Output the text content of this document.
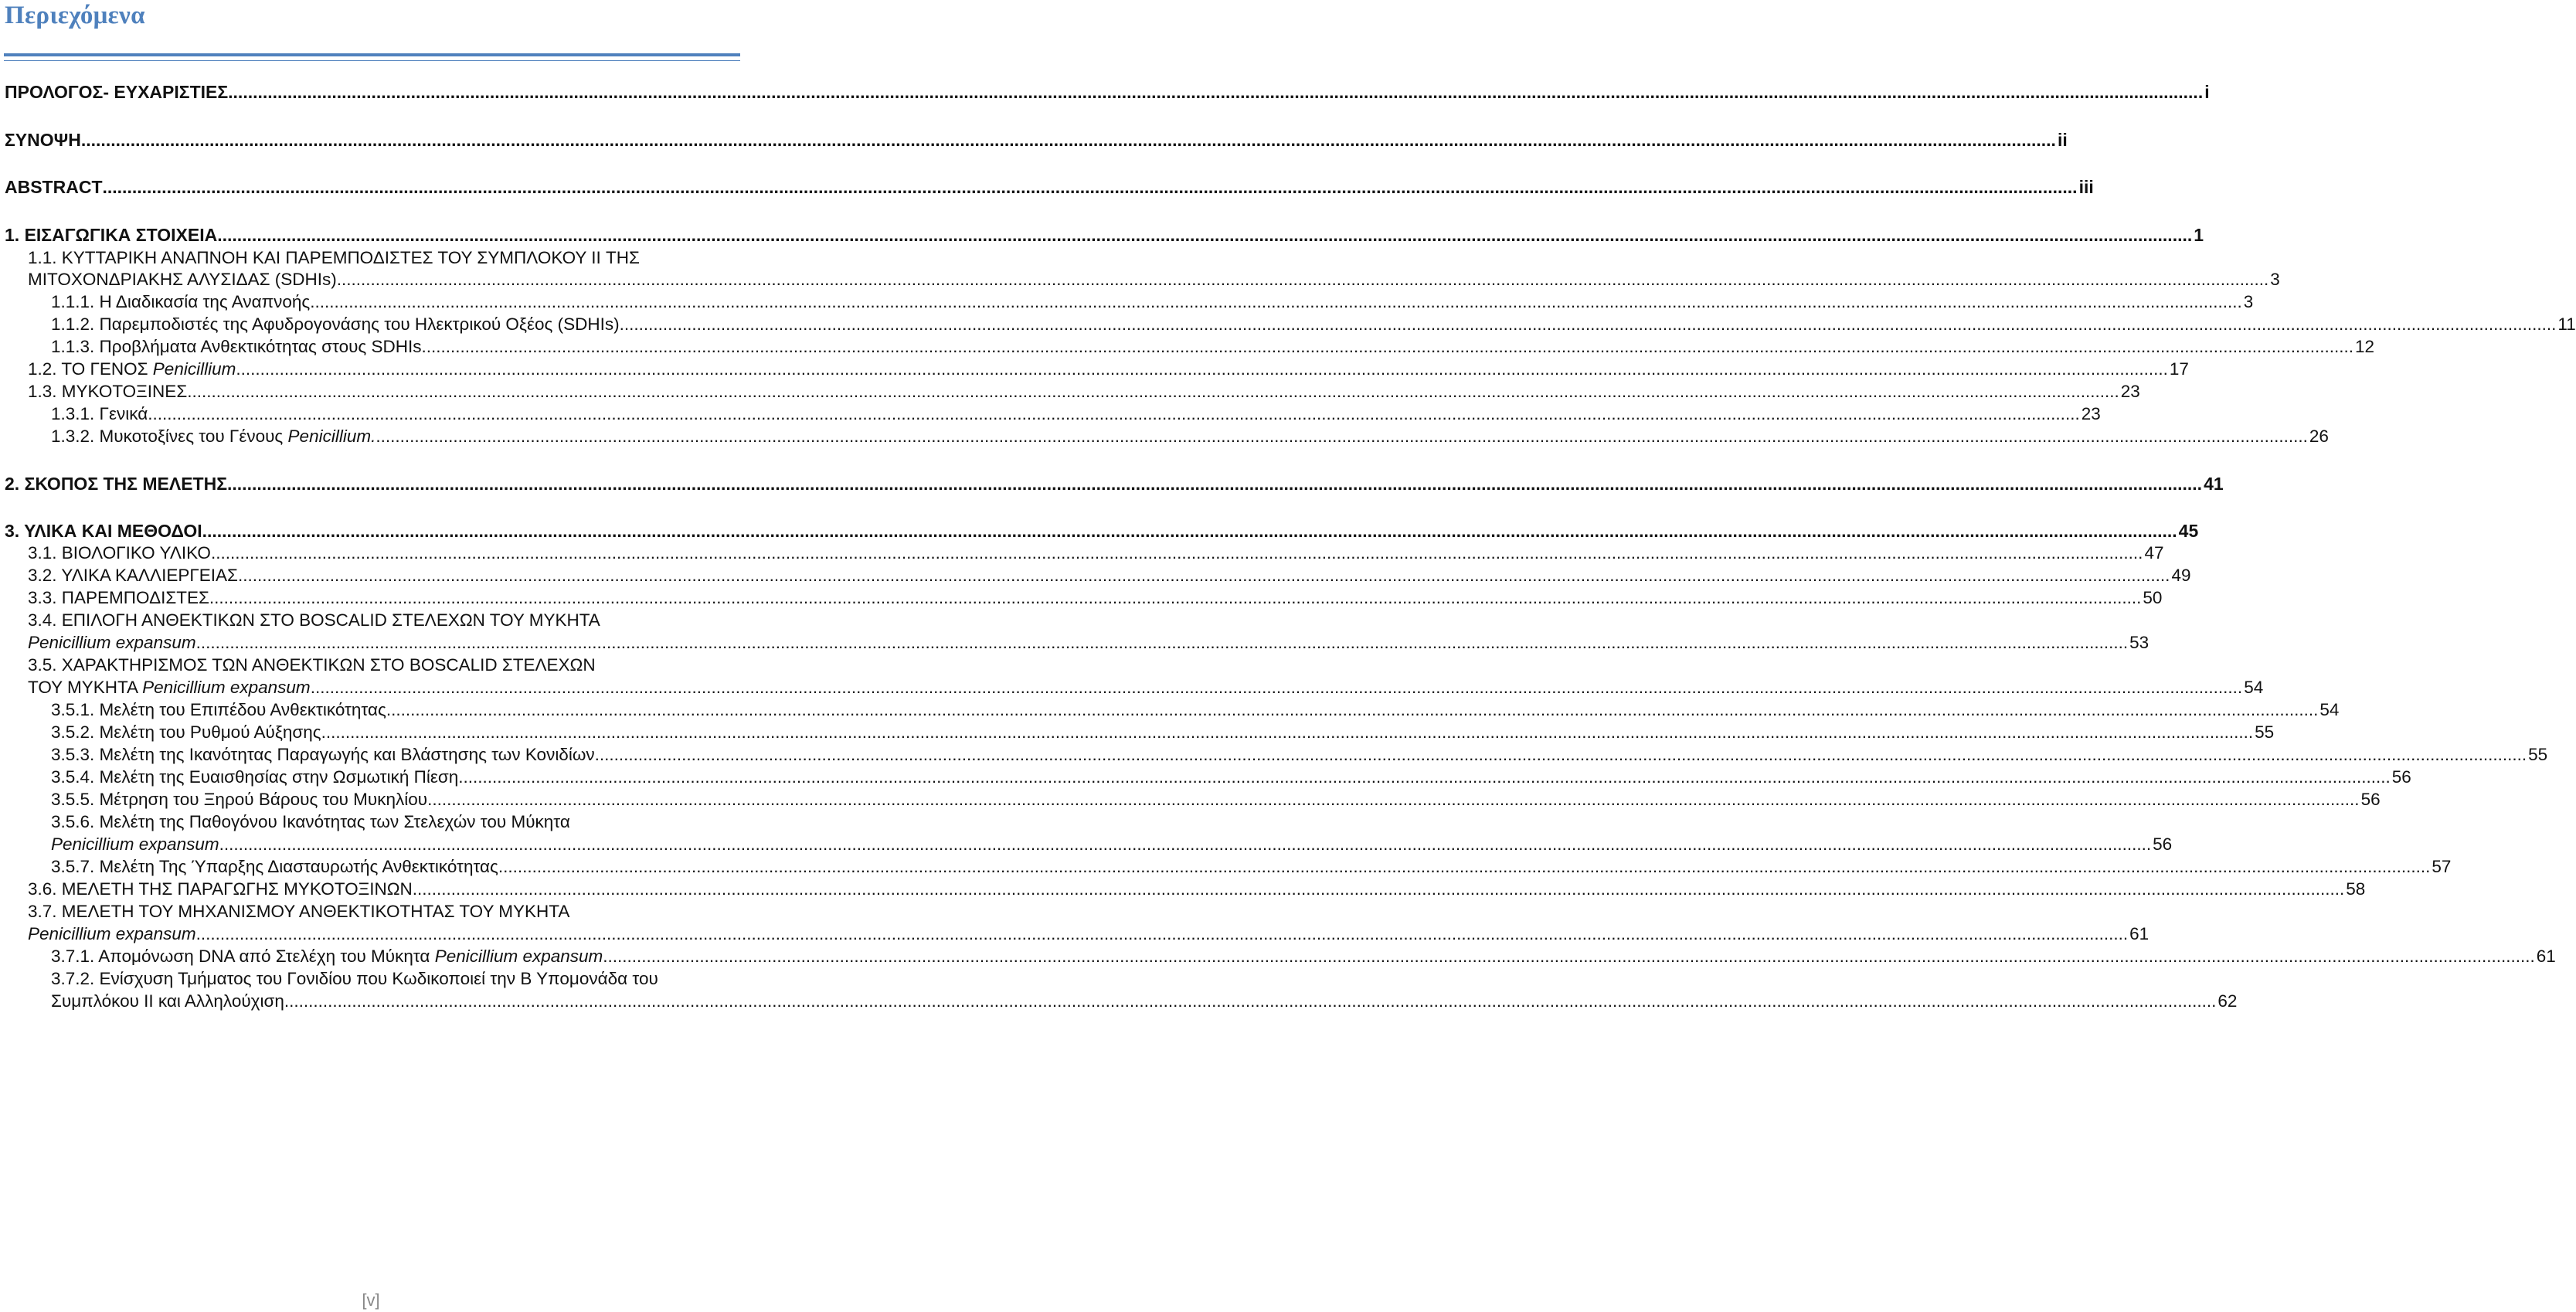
Περιεχόμενα
ΠΡΟΛΟΓΟΣ- ΕΥΧΑΡΙΣΤΙΕΣ ................................................................................................................................................................................................................................................................................................................................................................................................................ i
ΣΥΝΟΨΗ ................................................................................................................................................................................................................................................................................................................................................................................................................ ii
ABSTRACT ................................................................................................................................................................................................................................................................................................................................................................................................................ iii
1. ΕΙΣΑΓΩΓΙΚΑ ΣΤΟΙΧΕΙΑ ................................................................................................................................................................................................................................................................................................................................................................................................................ 1
1.1. ΚΥΤΤΑΡΙΚΗ ΑΝΑΠΝΟΗ ΚΑΙ ΠΑΡΕΜΠΟΔΙΣΤΕΣ ΤΟΥ ΣΥΜΠΛΟΚΟΥ II ΤΗΣ
ΜΙΤΟΧΟΝΔΡΙΑΚΗΣ ΑΛΥΣΙΔΑΣ (SDHIs) ................................................................................................................................................................................................................................................................................................................................................................................................................ 3
1.1.1. Η Διαδικασία της Αναπνοής ................................................................................................................................................................................................................................................................................................................................................................................................................ 3
1.1.2. Παρεμποδιστές της Αφυδρογονάσης του Ηλεκτρικού Οξέος (SDHIs). ................................................................................................................................................................................................................................................................................................................................................................................................................ 11
1.1.3. Προβλήματα Ανθεκτικότητας στους SDHIs ................................................................................................................................................................................................................................................................................................................................................................................................................ 12
1.2. ΤΟ ΓΕΝΟΣ Penicillium ................................................................................................................................................................................................................................................................................................................................................................................................................ 17
1.3. ΜΥΚΟΤΟΞΙΝΕΣ ................................................................................................................................................................................................................................................................................................................................................................................................................ 23
1.3.1. Γενικά ................................................................................................................................................................................................................................................................................................................................................................................................................ 23
1.3.2. Μυκοτοξίνες του Γένους Penicillium. ................................................................................................................................................................................................................................................................................................................................................................................................................ 26
2. ΣΚΟΠΟΣ ΤΗΣ ΜΕΛΕΤΗΣ ................................................................................................................................................................................................................................................................................................................................................................................................................ 41
3. ΥΛΙΚΑ ΚΑΙ ΜΕΘΟΔΟΙ ................................................................................................................................................................................................................................................................................................................................................................................................................ 45
3.1. ΒΙΟΛΟΓΙΚΟ ΥΛΙΚΟ ................................................................................................................................................................................................................................................................................................................................................................................................................ 47
3.2. ΥΛΙΚΑ ΚΑΛΛΙΕΡΓΕΙΑΣ ................................................................................................................................................................................................................................................................................................................................................................................................................ 49
3.3. ΠΑΡΕΜΠΟΔΙΣΤΕΣ ................................................................................................................................................................................................................................................................................................................................................................................................................ 50
3.4. ΕΠΙΛΟΓΗ ΑΝΘΕΚΤΙΚΩΝ ΣΤΟ BOSCALID ΣΤΕΛΕΧΩΝ ΤΟΥ ΜΥΚΗΤΑ
Penicillium expansum ................................................................................................................................................................................................................................................................................................................................................................................................................ 53
3.5. ΧΑΡΑΚΤΗΡΙΣΜΟΣ ΤΩΝ ΑΝΘΕΚΤΙΚΩΝ ΣΤΟ BOSCALID ΣΤΕΛΕΧΩΝ
ΤΟΥ ΜΥΚΗΤΑ Penicillium expansum ................................................................................................................................................................................................................................................................................................................................................................................................................ 54
3.5.1. Μελέτη του Επιπέδου Ανθεκτικότητας ................................................................................................................................................................................................................................................................................................................................................................................................................ 54
3.5.2. Μελέτη του Ρυθμού Αύξησης ................................................................................................................................................................................................................................................................................................................................................................................................................ 55
3.5.3. Μελέτη της Ικανότητας Παραγωγής και Βλάστησης των Κονιδίων ................................................................................................................................................................................................................................................................................................................................................................................................................ 55
3.5.4. Μελέτη της Ευαισθησίας στην Ωσμωτική Πίεση ................................................................................................................................................................................................................................................................................................................................................................................................................ 56
3.5.5. Μέτρηση του Ξηρού Βάρους του Μυκηλίου ................................................................................................................................................................................................................................................................................................................................................................................................................ 56
3.5.6. Μελέτη της Παθογόνου Ικανότητας των Στελεχών του Μύκητα
Penicillium expansum ................................................................................................................................................................................................................................................................................................................................................................................................................ 56
3.5.7. Μελέτη Της Ύπαρξης Διασταυρωτής Ανθεκτικότητας ................................................................................................................................................................................................................................................................................................................................................................................................................ 57
3.6. ΜΕΛΕΤΗ ΤΗΣ ΠΑΡΑΓΩΓΗΣ ΜΥΚΟΤΟΞΙΝΩΝ ................................................................................................................................................................................................................................................................................................................................................................................................................ 58
3.7. ΜΕΛΕΤΗ ΤΟΥ ΜΗΧΑΝΙΣΜΟΥ ΑΝΘΕΚΤΙΚΟΤΗΤΑΣ ΤΟΥ ΜΥΚΗΤΑ
Penicillium expansum ................................................................................................................................................................................................................................................................................................................................................................................................................ 61
3.7.1. Απομόνωση DNA από Στελέχη του Μύκητα Penicillium expansum ................................................................................................................................................................................................................................................................................................................................................................................................................ 61
3.7.2. Ενίσχυση Τμήματος του Γονιδίου που Κωδικοποιεί την Β Υπομονάδα του
Συμπλόκου II και Αλληλούχιση ................................................................................................................................................................................................................................................................................................................................................................................................................ 62
[v]
